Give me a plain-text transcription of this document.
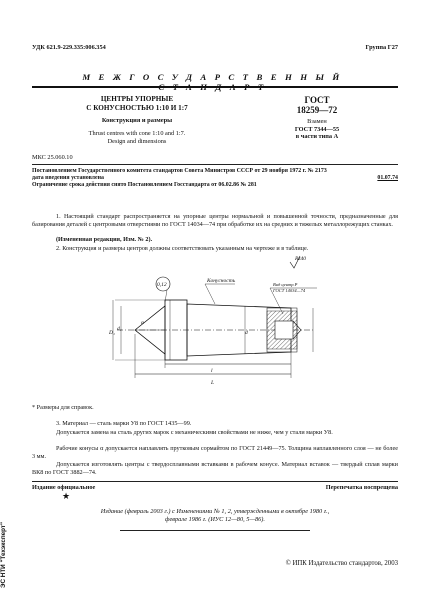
УДК 621.9-229.335:006.354	Группа Г27
МЕЖГОСУДАРСТВЕННЫЙ СТАНДАРТ
ЦЕНТРЫ УПОРНЫЕ
С КОНУСНОСТЬЮ 1:10 И 1:7
Конструкция и размеры
Thrust centres with cone 1:10 and 1:7.
Design and dimensions
ГОСТ
18259—72
Взамен
ГОСТ 7344—55
в части типа А
МКС 25.060.10
Постановлением Государственного комитета стандартов Совета Министров СССР от 29 ноября 1972 г. № 2173
дата введения установлена	01.07.74
Ограничение срока действия снято Постановлением Госстандарта от 06.02.86 № 281
1. Настоящий стандарт распространяется на упорные центры нормальной и повышенной точности, предназначенные для базирования деталей с центровыми отверстиями по ГОСТ 14034—74 при обработке их на средних и тяжелых металлорежущих станках.
(Измененная редакция, Изм. № 2).
2. Конструкция и размеры центров должны соответствовать указанным на чертеже и в таблице.
0,12
Rz40
Конусность
Вид центр.Р
ГОСТ 14034—74
d
l
L
α
D₁
d₁
* Размеры для справок.
3. Материал — сталь марки У8 по ГОСТ 1435—99.
Допускается замена на сталь других марок с механическими свойствами не ниже, чем у стали марки У8.
Рабочие конусы α допускается наплавлять прутковым сормайтом по ГОСТ 21449—75. Толщина наплавленного слоя — не более 3 мм.
Допускается изготовлять центры с твердосплавными вставками в рабочем конусе. Материал вставок — твердый сплав марки ВК8 по ГОСТ 3882—74.
Издание официальное
★
Перепечатка воспрещена
Издание (февраль 2003 г.) с Изменениями № 1, 2, утвержденными в октябре 1980 г.,
феврале 1986 г. (ИУС 12—80, 5—86).
© ИПК Издательство стандартов, 2003
ЭС НТИ "Техэксперт"
